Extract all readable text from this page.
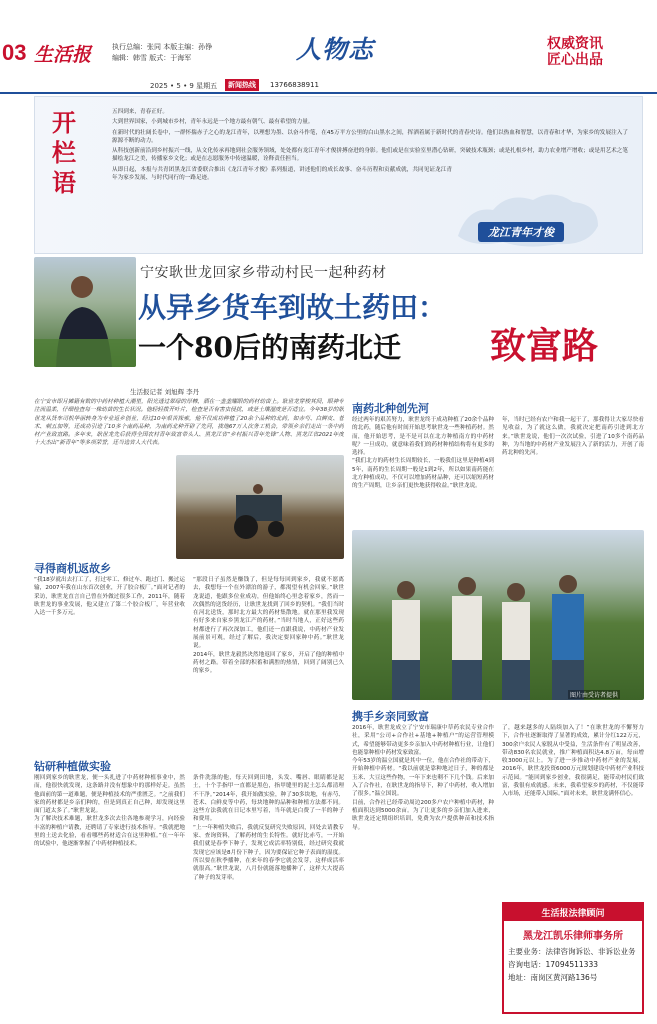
03 生活报	执行总编：张同 本版主编：孙铮
编辑：韩雪 版式：于海军	人物志	权威资讯
匠心出品
2025 • 5 • 9 星期五	新闻热线	13766838911
开栏语

五四到来，青春正好。

大到世界国家，小到城市乡村，青年永远是一个地方最有朝气、最有希望的力量。

在新时代的壮阔长卷中，一群怀揣赤子之心的龙江青年，以理想为墨、以奋斗作笔，在45万平方公里的白山黑水之间，挥洒着属于新时代的青春史诗。他们以热血和智慧，以青春和才华，为家乡的发展注入了源源不断的动力。

从科技创新前沿到乡村振兴一线，从文化传承再地到社会服务领域，处处都有龙江青年才俊拼搏奋进的身影。他们或是在实验室里潜心钻研，突破技术瓶颈；或是扎根乡村，助力农业增产增收；或是用艺术之笔描绘龙江之美，传播家乡文化；或是在志愿服务中传递温暖，诠释责任担当。

从即日起，本报与共青团黑龙江省委联合推出《龙江青年才俊》系列报道，讲述他们的成长故事、奋斗历程和贡献成就，共同见证龙江青年为家乡发展、与时代同行的一路足迹。

龙江青年才俊
宁安耿世龙回家乡带动村民一起种药材
从异乡货车到故土药田：
一个80后的南药北迁 致富路
生活报记者 刘旭辉 李丹
在宁安市即月摊籍有数的中药材种植大潮里，阳光透过翠绿的厚棘，洒在一垄垄耀眼的药材幼苗上。耿世龙穿梭其间，眼神专注而温柔，仔细检查每一株幼苗的生长状况。他轻轻拨开叶片，检查是否有害虫侵扰，或是土壤湿度是否适宜。今年38岁的耿世龙从货车司机华丽转身为专业返乡创业，经过10年艰苦探索，他不仅成功种植了20余个品种的北药，如赤芍、白鲜皮、苍术、刺五加等，还成功引进了10多个南药品种，为南药北种开辟了先河，拔地67万人次务工机会，带领乡亲们走出一条中药材产业致富路。多年来，耿世龙先后获得全国农村青年致富带头人、黑龙江省“乡村振兴青年先锋”人物、黑龙江省2021年度十大杰出“新青年”等多项荣誉，还当选省人大代表。
寻得商机返故乡

“我18岁就出去打工了，打过零工、修过车、跑过门、搬过运输，2007年我在山东首次创业，开了胶合板厂。”面对记者的采访，耿世龙直言自己曾在外做过很多工作，2011年，随着耿世龙的事业发展，他又建立了第二个胶合板厂，年营业收入达一千多万元。

“那段日子虽然是赚钱了，但是每每回到家乡，我就不愿离去，我想每一个在外漂泊的游子，都渴望有机会回家。”耿世龙说道，他跟多位业成功，但他始终心里念着家乡，然而一次偶然的送货经历，让耿世龙找到了回乡的契机。“我们当时在河北送货，那时北方最大的药材集散地。就在那里我发现有好多来自家乡黑龙江产的药材。”当时当地人，正好这些药材都进行了再次深加工，他们还一直跟我说，中药材产业发展前景可观，经过了解后，我决定要回家种中药。”耿世龙说。

2014年，耿世龙毅然决然地返回了家乡，开启了他的种植中药材之路。带着全部的积蓄和满腔的热情，回到了阔别已久的家乡。

钻研种植做实验

刚回到家乡的耿世龙，便一头扎进了中药材种植事业中，然而，他很快就发现，这条路并没有想象中的那样好走。虽然他面前的第一道难题，便是种植技术的严重匮乏。“之前我们家的药材都是乡亲们种的，但是到真正自己种，却发现这里面门道太多了。”耿世龙说。

为了解决技术难题，耿世龙多次去往各地参观学习，向经验丰富的种植户请教，还聘请了专家进行技术指导。“我就把地里的土送去化验，看看哪些药材适合在这里种植。”在一年年的试验中，他逐渐掌握了中药材种植技术。

条件洗涤的他，每天回到田地，头发、嘴唇、眼睛都是泥土，十个手指甲一直都是黑色，指甲缝里的泥土怎么都清理不干净。”2014年，我开始做实验，种了30多块地，有赤芍、苍术、白鲜皮等中药，每块地种的品种和种植方法都不同。这些方法我就在日记本里写着，当年就是白费了一半的种子和费用。

“上一年种植失败后，我就反复研究失败原因，回处去请教专家、查询资料，了解药材的生长特性。就好比赤芍，一开始我们就是春季下种子，发现它成活率特别低，经过研究我就发现它应该是8月份下种子，因为要保证它种子表面的湿度。所以要在秋季播种，在来年的春季它就会发芽，这样成活率就很高。”耿世龙说，八月份就能落地播种了，这样大大提高了种子的发芽率。

南药北种创先河

经过两年的艰苦努力，耿世龙终于成功种植了20余个品种的北药，随后他有时间开始思考耿世龙一些种植药材。然而，他开始思考，是不是可以在北方种植南方的中药材呢？一旦成功，就意味着我们的药材种植结构将有更多的选择。

“我们北方的药材生长周期较长，一般我们这里是种植4到5年，南药的生长周期一般是1到2年，所以如果南药能在北方种植成功，不仅可以增加药材品种，还可以缩短药材的生产周期，让乡亲们更快地获得收益。”耿世龙说。

年，当时已经有农户和我一起干了，那我得让大家尽快看见收益，为了就这么做，我就决定把南药引进到北方来。”耿世龙说，他们一次次试验，引进了10多个南药品种，为当地的中药材产业发展注入了新的活力，开创了南药北种的先河。

图片由受访者提供
携手乡亲同致富

2016年，耿世龙成立了宁安市瑞康中草药农民专业合作社，采用“公司+合作社+基地+种植户”的运营管理模式，希望能够带动更多乡亲加入中药材种植行业，让他们也能靠种植中药材发家致富。

今年53岁的温立国就是其中一位，他在合作社的带动下，开始种植中药材。“我以前就是靠种地过日子，种的都是玉米、大豆这些作物，一年下来也剩不下几个钱。后来加入了合作社，在耿世龙的指导下，种了中药材，收入增加了很多。”温立国说。

目前，合作社已经带动周边200多户农户种植中药材，种植面积达到5000余亩。为了让更多的乡亲们加入进来，耿世龙还定期组织培训，免费为农户提供种苗和技术指导。

了，越来越多的人陆续加入了！”在耿世龙的不懈努力下，合作社逐渐取得了显著的成效，累计分红122万元，300余户农民人家脱从中受益，生活条件有了明显改善，带动830名农民就业，推广种植面积达4.8万亩，每亩增收3000元以上。为了进一步推动中药材产业的发展，2016年，耿世龙投资6000万元规划建设中药材产业科技示范园。“能回到家乡创业，我很满足，能带动村民们致富，我很有成就感。未来，我希望家乡的药材，不仅能带入市场，还能带入国际。”面对未来，耿世龙满怀信心。
生活报法律顾问
黑龙江凯乐律师事务所
主要业务：法律咨询诉讼、非诉讼业务
咨询电话：17094511333
地址：南岗区黄河路136号
